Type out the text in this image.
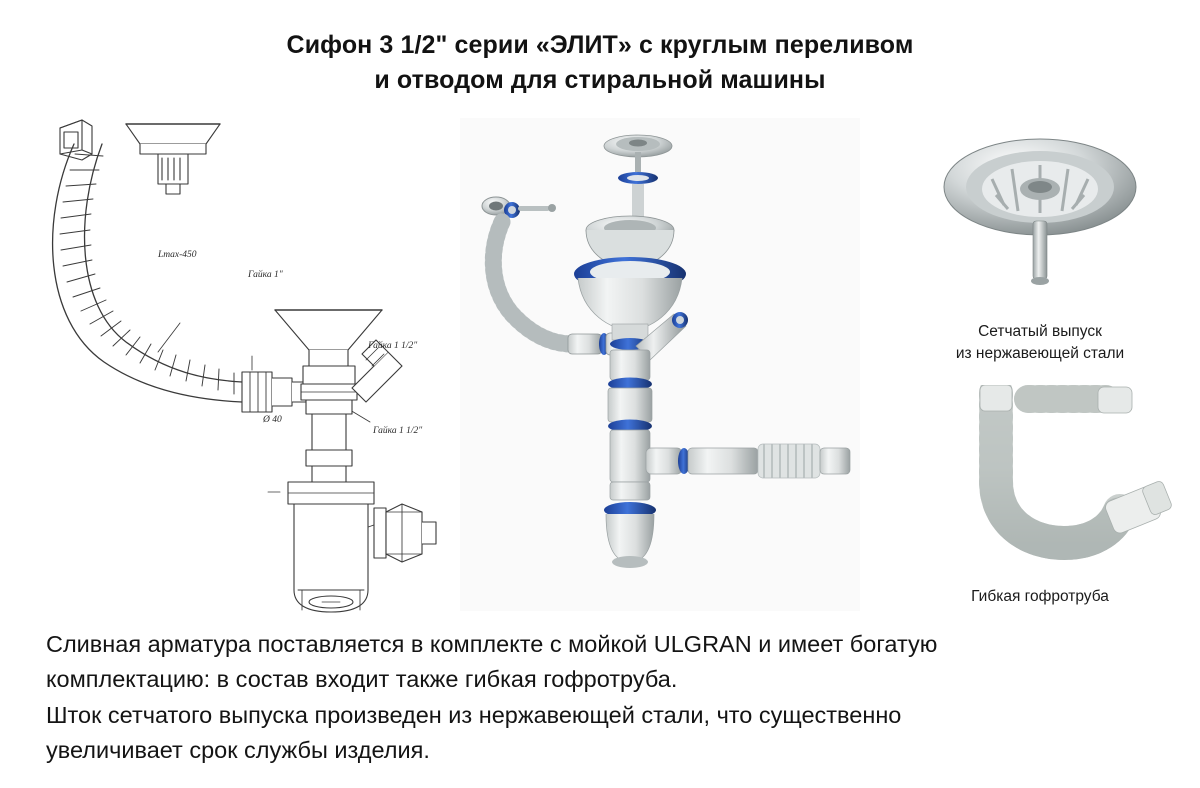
Сифон 3 1/2" серии «ЭЛИТ» с круглым переливом
и отводом для стиральной машины
Lmax-450
Гайка 1"
Гайка 1 1/2"
Ø 40
Гайка 1 1/2"
Сетчатый выпуск
из нержавеющей стали
Гибкая гофротруба

Сливная арматура поставляется в комплекте с мойкой ULGRAN и имеет богатую

комплектацию: в состав входит также гибкая гофротруба.

Шток сетчатого выпуска произведен из нержавеющей стали, что существенно

увеличивает срок службы изделия.
